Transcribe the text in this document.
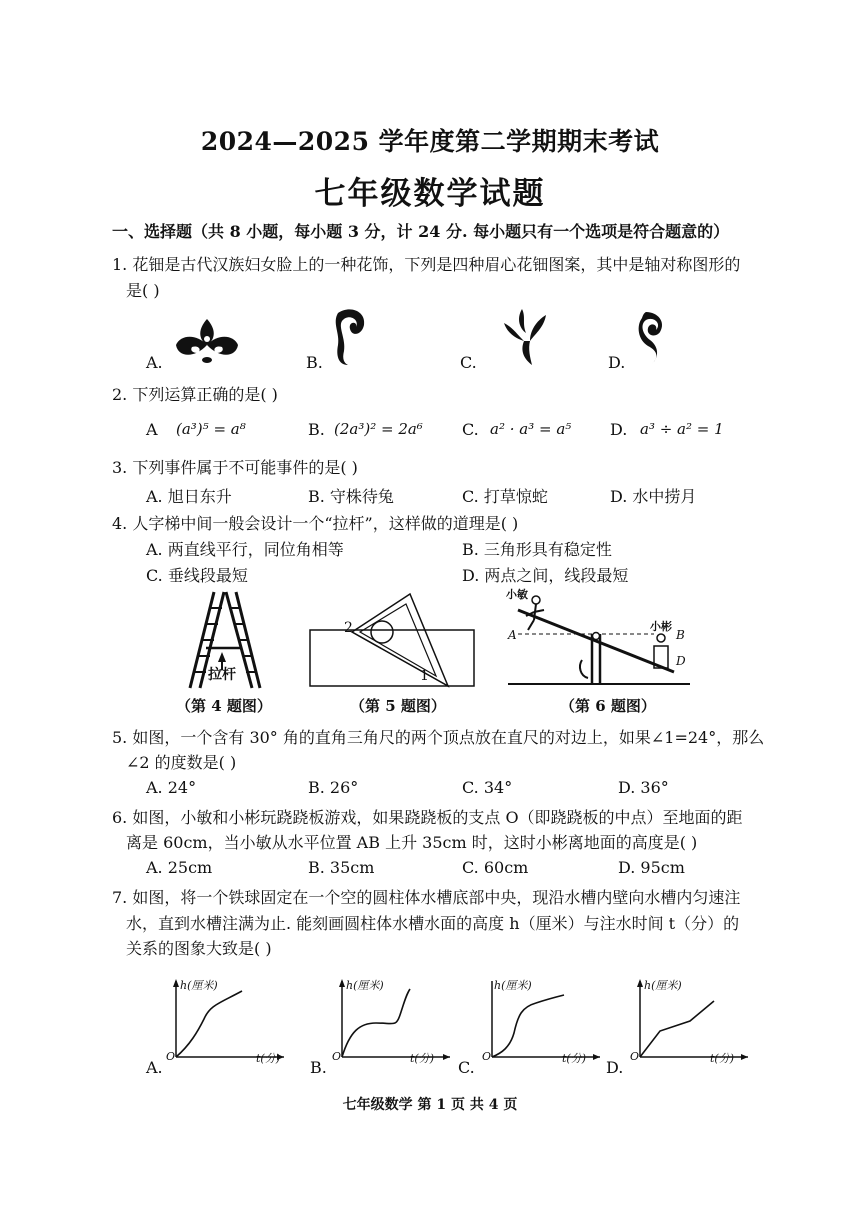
2024—2025 学年度第二学期期末考试
七年级数学试题
一、选择题（共 8 小题，每小题 3 分，计 24 分. 每小题只有一个选项是符合题意的）
1. 花钿是古代汉族妇女脸上的一种花饰，下列是四种眉心花钿图案，其中是轴对称图形的
是( )
A.	B.	C.	D.
2. 下列运算正确的是( )
A (a³)⁵ = a⁸	B. (2a³)² = 2a⁶ C. a² · a³ = a⁵ D. a³ ÷ a² = 1
3. 下列事件属于不可能事件的是( )
A. 旭日东升	B. 守株待兔	C. 打草惊蛇	D. 水中捞月
4. 人字梯中间一般会设计一个“拉杆”，这样做的道理是( )
A. 两直线平行，同位角相等	B. 三角形具有稳定性
C. 垂线段最短	D. 两点之间，线段最短
拉杆
（第 4 题图）
2
1
（第 5 题图）
小敏
小彬
A	B
D
（第 6 题图）
5. 如图，一个含有 30° 角的直角三角尺的两个顶点放在直尺的对边上，如果∠1=24°，那么
∠2 的度数是( )
A. 24°	B. 26°	C. 34°	D. 36°
6. 如图，小敏和小彬玩跷跷板游戏，如果跷跷板的支点 O（即跷跷板的中点）至地面的距
离是 60cm，当小敏从水平位置 AB 上升 35cm 时，这时小彬离地面的高度是( )
A. 25cm	B. 35cm	C. 60cm	D. 95cm
7. 如图，将一个铁球固定在一个空的圆柱体水槽底部中央，现沿水槽内壁向水槽内匀速注
水，直到水槽注满为止. 能刻画圆柱体水槽水面的高度 h（厘米）与注水时间 t（分）的
关系的图象大致是( )
h(厘米)
t(分)
O
A.
h(厘米)
t(分)
O
B.
h(厘米)
t(分)
O
C.
h(厘米)
t(分)
O
D.
七年级数学 第 1 页 共 4 页
